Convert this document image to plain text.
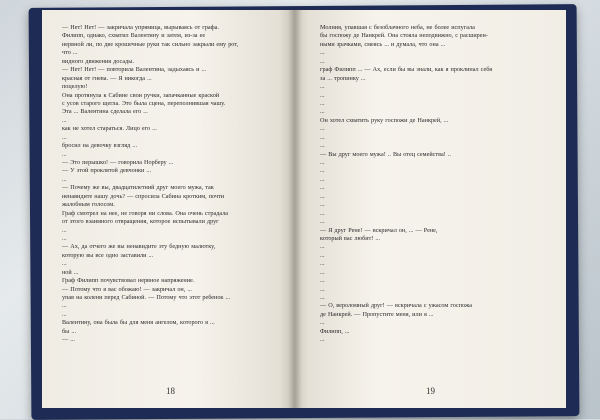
— Нет! Нет! — закричала упрямица, вырываясь от графа.
Филипп, однако, схватил Валентину и затем, из-за ее
нервной ли, по две крошечные руки так сильно закрыли ему рот,
что ...
видного движения досады.
— Нет! Нет! — повторила Валентина, задыхаясь и ...
красная от гнева. — Я никогда ...
поцелую!
Она протянула к Сабине свои ручки, запачканные краской
с усов старого щегла. Это была сцена, переполнившая чашу.
Эта ... Валентина сделала его ...
...
как не хотел стараться. Лицо его ...
...
бросил на девочку взгляд ...
...
— Это перышко! — говорила Норберу ...
— У этой проклятой девчонки ...
...
— Почему же вы, двадцатилетний друг моего мужа, так
ненавидите нашу дочь? — спросила Сабина кротким, почти
жалобным голосом.
Граф смотрел на нее, не говоря ни слова. Она очень страдала
от этого взаимного отвращения, которое испытывали друг
...
...
— Ах, да отчего же вы ненавидите эту бедную малютку,
которую вы все одно заставили ...
...
ной ...
Граф Филипп почувствовал нервное напряжение.
— Потому что я вас обожаю! — закричал он, ...
упав на колени перед Сабиной. — Потому что этот ребенок ...
...
...
Валентину, она была бы для меня ангелом, которого я ...
бы ...
— ...
18
Молния, упавшая с безоблачного неба, не более испугала
бы госпожу де Нанкрей. Она стояла неподвижно, с расширен-
ными зрачками, смеясь ... и думала, что она ...
...
...
граф Филипп ... — Ах, если бы вы знали, как я проклинал себя
за ... тропинку ...
...
...
...
...
Он хотел схватить руку госпожи де Нанкрей, ...
...
...
...
— Вы друг моего мужа! .. Вы отец семейства! ..
...
...
...
...
...
...
...
...
— Я друг Рене! — вскричал он, ... — Рене,
который вас любит! ...
...
...
...
...
...
...
...
— О, вероломный друг! — вскричала с ужасом госпожа
де Нанкрей. — Пропустите меня, или я ...
...
Филипп, ...
...
19
